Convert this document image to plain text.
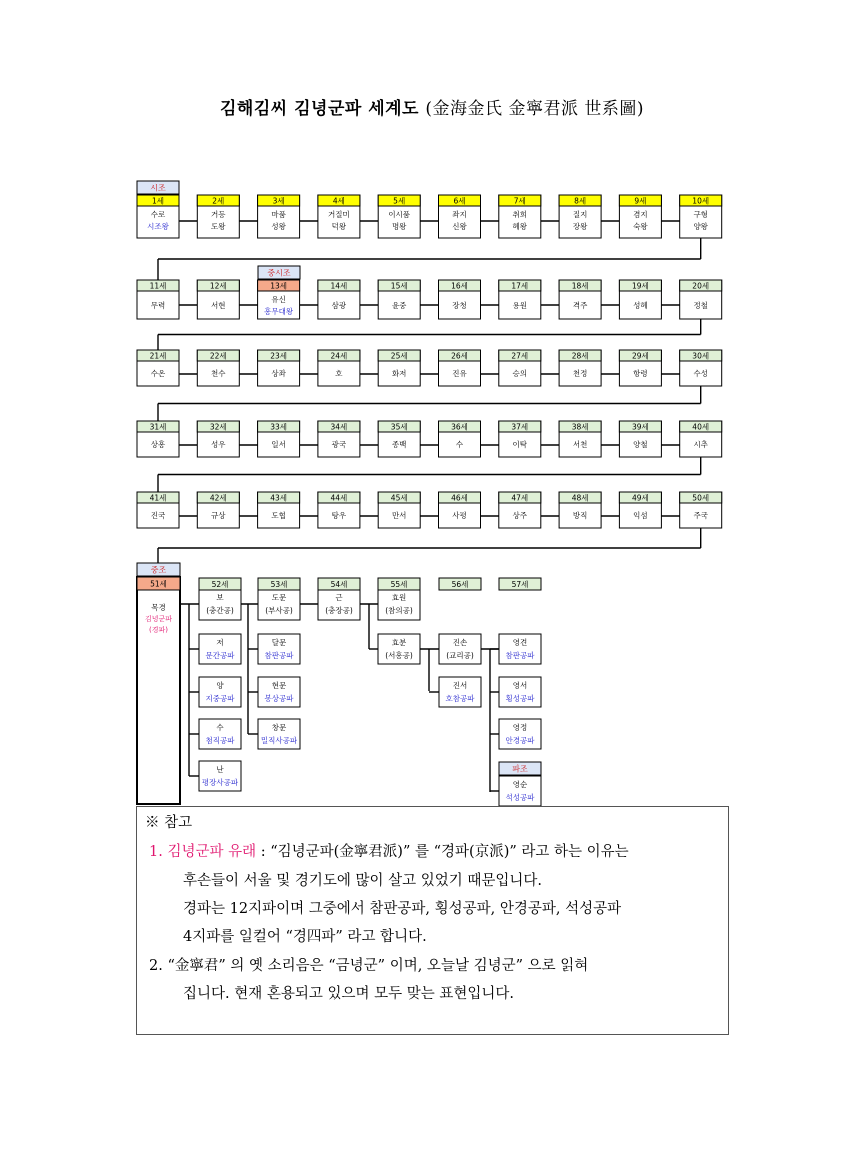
김해김씨 김녕군파 세계도 (金海金氏 金寧君派 世系圖)
1세
수로
시조왕
2세
거등
도왕
3세
마품
성왕
4세
거질미
덕왕
5세
이시품
명왕
6세
좌지
신왕
7세
취희
혜왕
8세
질지
장왕
9세
겸지
숙왕
10세
구형
양왕
11세
무력
12세
서현
13세
유신
흥무대왕
14세
삼광
15세
윤중
16세
장청
17세
용원
18세
격주
19세
성혜
20세
정철
21세
수온
22세
천수
23세
상좌
24세
호
25세
화저
26세
진유
27세
승의
28세
천정
29세
항령
30세
수성
31세
상흥
32세
성우
33세
일서
34세
광국
35세
종백
36세
수
37세
이탁
38세
서천
39세
양철
40세
시추
41세
진국
42세
규상
43세
도협
44세
탕우
45세
만서
46세
사평
47세
상주
48세
방직
49세
익섬
50세
주국
시조
중시조
중조
51세
목경
김녕군파
(경파)
52세	53세	54세	55세	56세	57세
보
(충간공)
도문
(부사공)
근
(충장공)
효원
(참의공)
저
문간공파
양
지중공파
수
첨직공파
난
평장사공파
달문
참판공파
현문
봉상공파
창문
밀직사공파
효분
(서흥공)
진손
(교리공)
진서
호참공파
파조
영견
참판공파
영서
횡성공파
영정
안경공파
영순
석성공파
※ 참고
1. 김녕군파 유래 : “김녕군파(金寧君派)” 를 “경파(京派)” 라고 하는 이유는
후손들이 서울 및 경기도에 많이 살고 있었기 때문입니다.
경파는 12지파이며 그중에서 참판공파, 횡성공파, 안경공파, 석성공파
4지파를 일컬어 “경四파” 라고 합니다.
2. “金寧君” 의 옛 소리음은 “금녕군” 이며, 오늘날 김녕군” 으로 읽혀
집니다. 현재 혼용되고 있으며 모두 맞는 표현입니다.
